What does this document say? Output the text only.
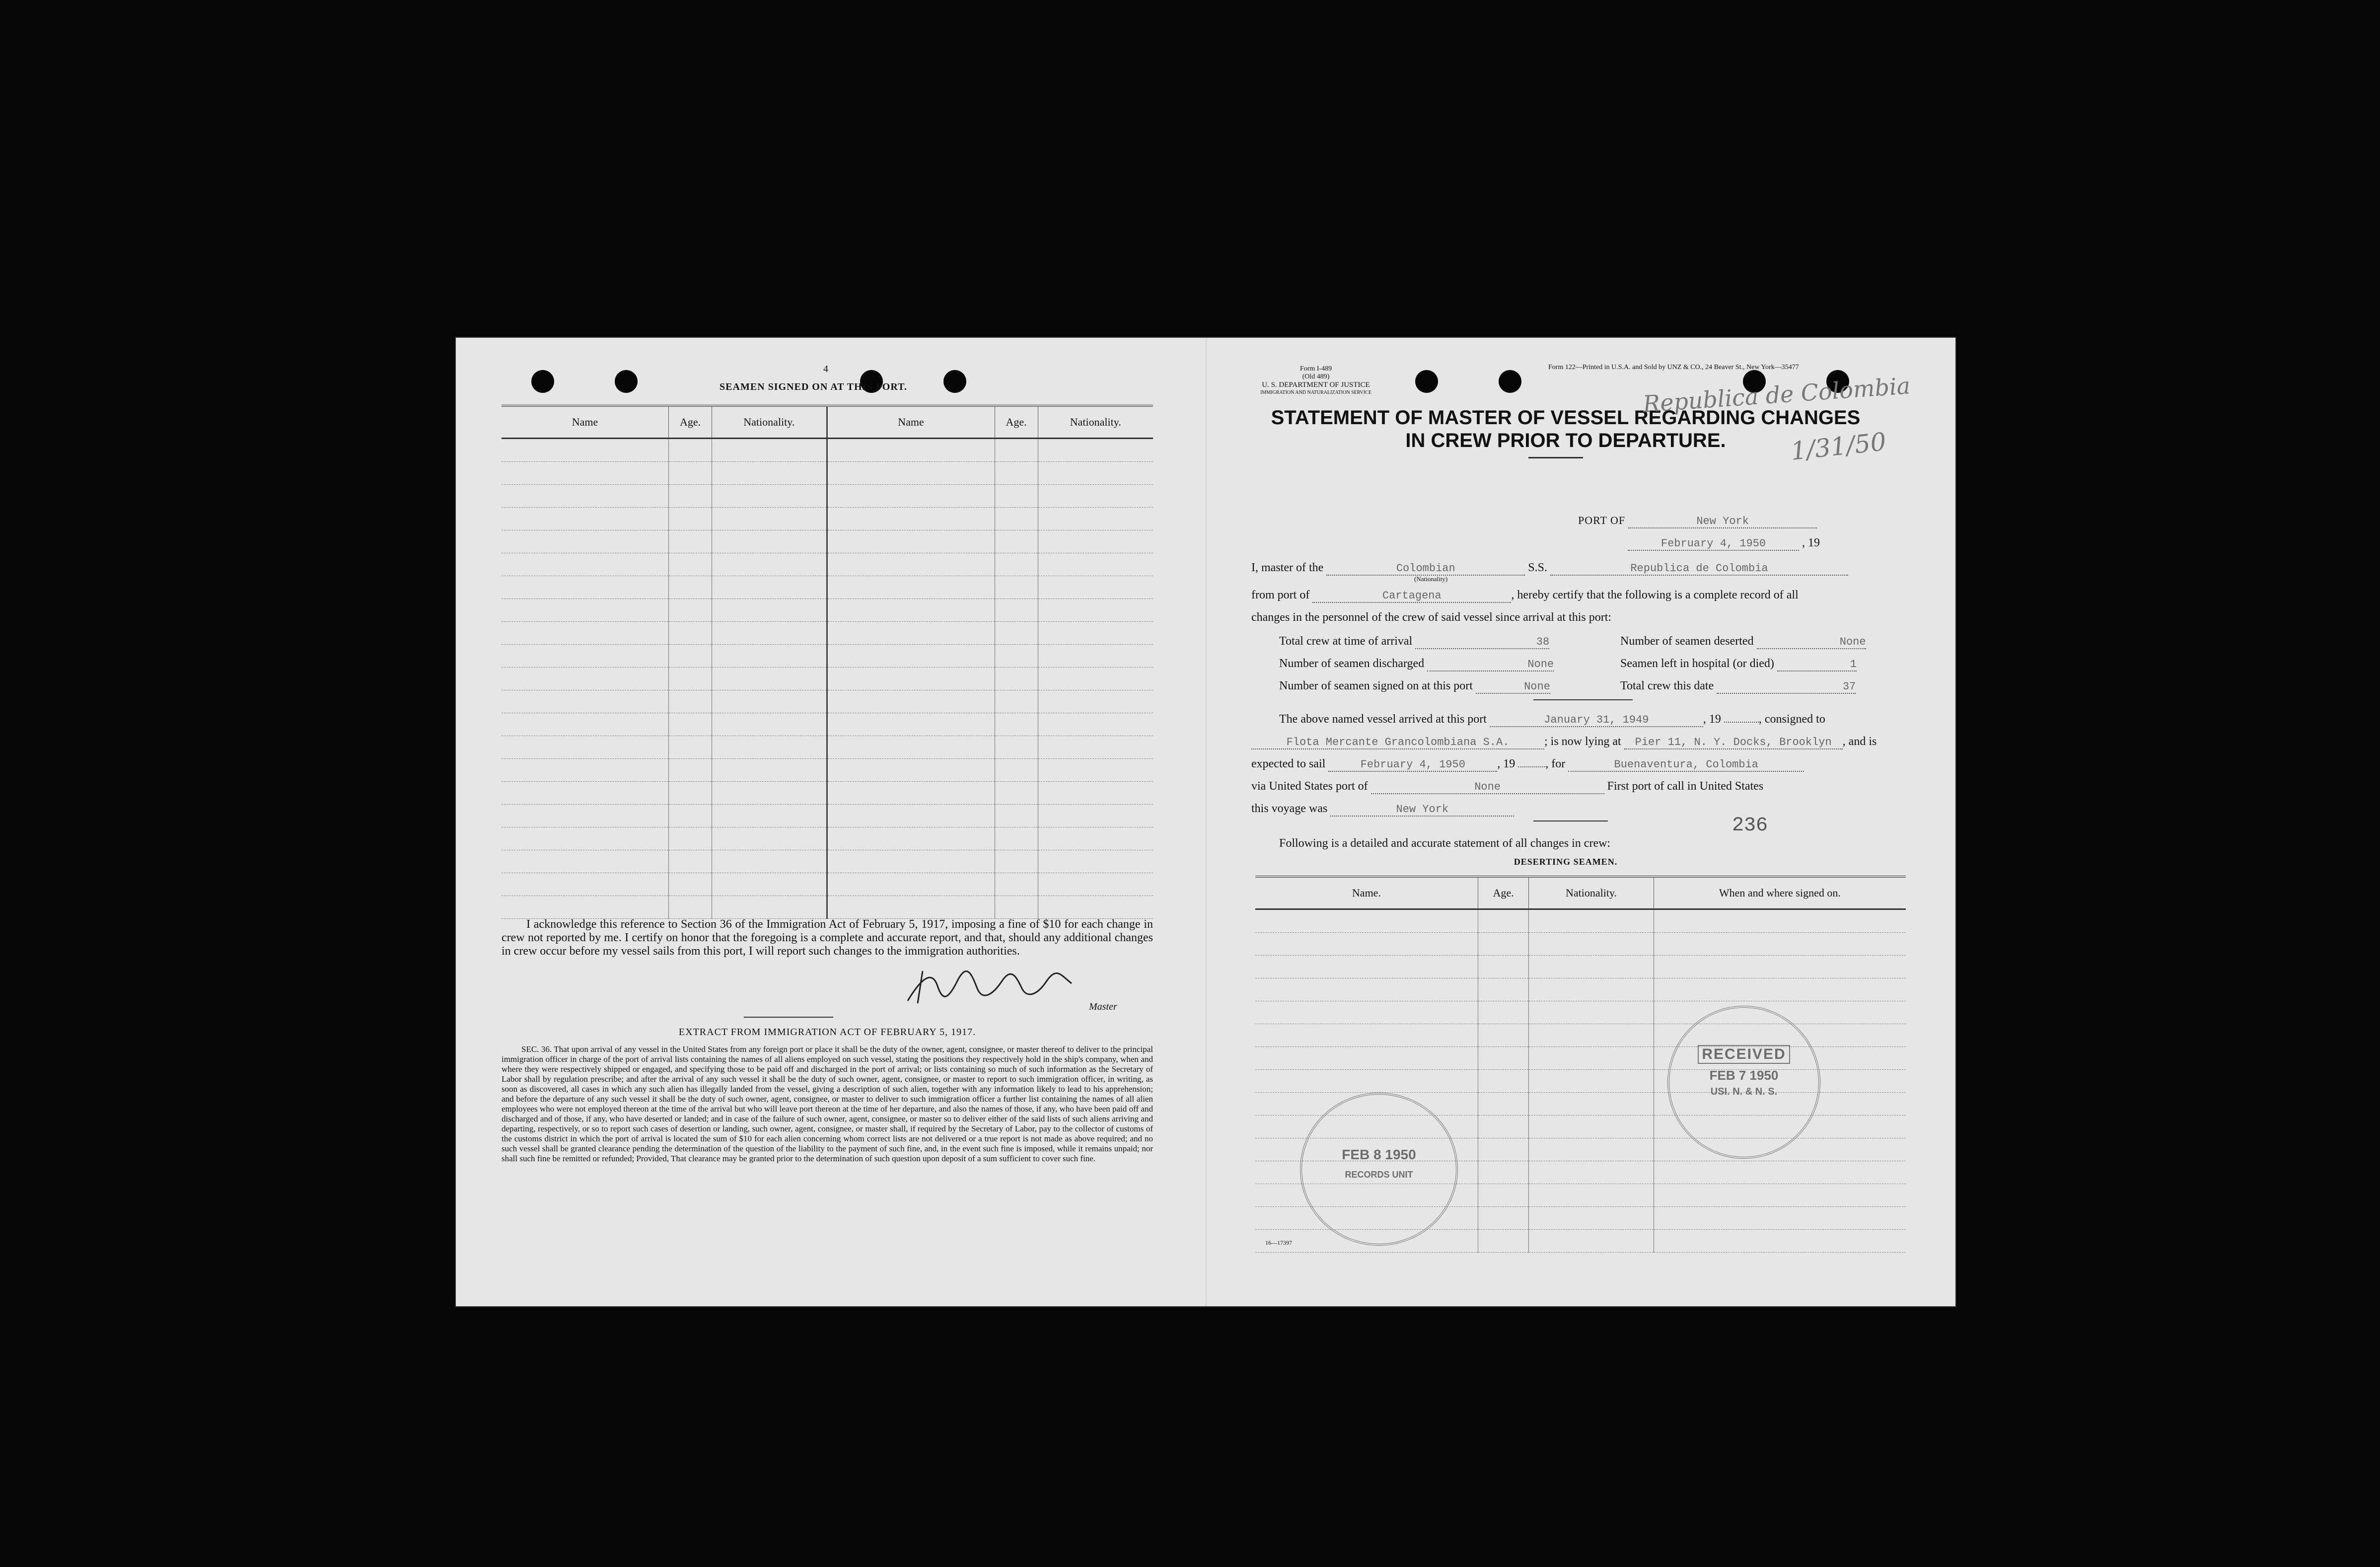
4
SEAMEN SIGNED ON AT THIS PORT.
Name	Age.	Nationality.	Name	Age.	Nationality.

I acknowledge this reference to Section 36 of the Immigration Act of February 5, 1917, imposing a fine of $10 for each change in crew not reported by me. I certify on honor that the foregoing is a complete and accurate report, and that, should any additional changes in crew occur before my vessel sails from this port, I will report such changes to the immigration authorities.
Master
EXTRACT FROM IMMIGRATION ACT OF FEBRUARY 5, 1917.
SEC. 36. That upon arrival of any vessel in the United States from any foreign port or place it shall be the duty of the owner, agent, consignee, or master thereof to deliver to the principal immigration officer in charge of the port of arrival lists containing the names of all aliens employed on such vessel, stating the positions they respectively hold in the ship's company, when and where they were respectively shipped or engaged, and specifying those to be paid off and discharged in the port of arrival; or lists containing so much of such information as the Secretary of Labor shall by regulation prescribe; and after the arrival of any such vessel it shall be the duty of such owner, agent, consignee, or master to report to such immigration officer, in writing, as soon as discovered, all cases in which any such alien has illegally landed from the vessel, giving a description of such alien, together with any information likely to lead to his apprehension; and before the departure of any such vessel it shall be the duty of such owner, agent, consignee, or master to deliver to such immigration officer a further list containing the names of all alien employees who were not employed thereon at the time of the arrival but who will leave port thereon at the time of her departure, and also the names of those, if any, who have been paid off and discharged and of those, if any, who have deserted or landed; and in case of the failure of such owner, agent, consignee, or master so to deliver either of the said lists of such aliens arriving and departing, respectively, or so to report such cases of desertion or landing, such owner, agent, consignee, or master shall, if required by the Secretary of Labor, pay to the collector of customs of the customs district in which the port of arrival is located the sum of $10 for each alien concerning whom correct lists are not delivered or a true report is not made as above required; and no such vessel shall be granted clearance pending the determination of the question of the liability to the payment of such fine, and, in the event such fine is imposed, while it remains unpaid; nor shall such fine be remitted or refunded; Provided, That clearance may be granted prior to the determination of such question upon deposit of a sum sufficient to cover such fine.
Form I-489
(Old 489)
U. S. DEPARTMENT OF JUSTICE
IMMIGRATION AND NATURALIZATION SERVICE
Form 122—Printed in U.S.A. and Sold by UNZ & CO., 24 Beaver St., New York—35477
STATEMENT OF MASTER OF VESSEL REGARDING CHANGES
IN CREW PRIOR TO DEPARTURE.
Republica de Colombia
1/31/50
PORT OF	New York
February 4, 1950	, 19
I, master of the	Colombian	S.S.	Republica de Colombia
(Nationality)
from port of	Cartagena	, hereby certify that the following is a complete record of all
changes in the personnel of the crew of said vessel since arrival at this port:
Total crew at time of arrival	38	Number of seamen deserted	None
Number of seamen discharged	None	Seamen left in hospital (or died)	1
Number of seamen signed on at this port	None	Total crew this date	37
The above named vessel arrived at this port	January 31, 1949	, 19	, consigned to
Flota Mercante Grancolombiana S.A.	; is now lying at Pier 11, N. Y. Docks, Brooklyn , and is
expected to sail	February 4, 1950	, 19	, for	Buenaventura, Colombia
via United States port of	None	First port of call in United States
this voyage was	New York
236
Following is a detailed and accurate statement of all changes in crew:
DESERTING SEAMEN.
Name.	Age.	Nationality.	When and where signed on.

16—17397
RECEIVED
FEB 7 1950
USI. N. & N. S.
FEB 8 1950
RECORDS UNIT
